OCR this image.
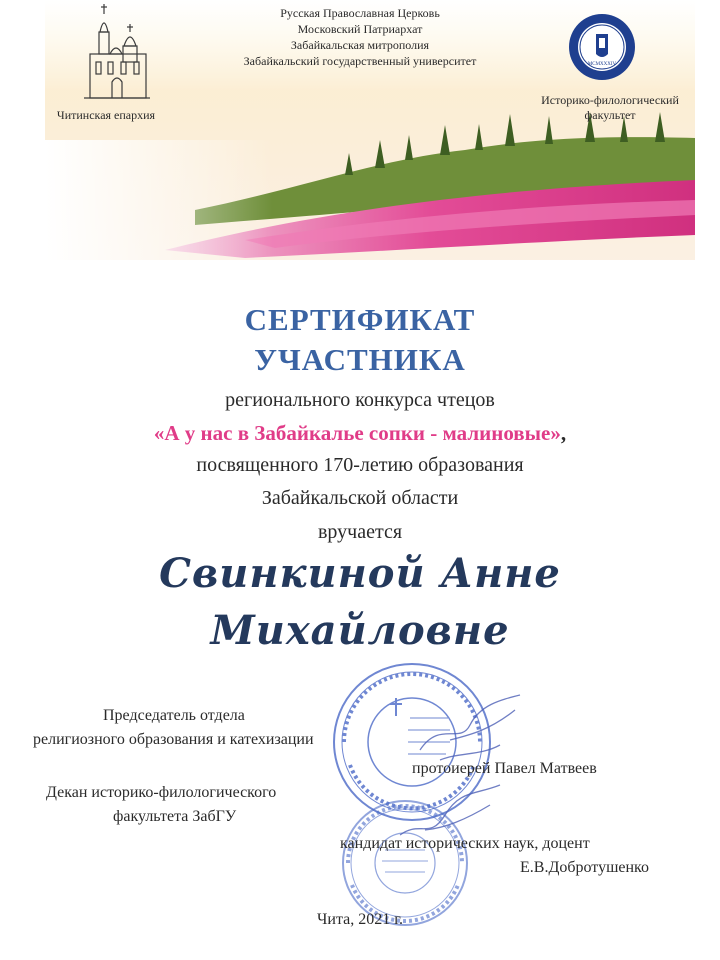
Читинская епархия
Русская Православная Церковь
Московский Патриархат
Забайкальская митрополия
Забайкальский государственный университет	MCMXXXIV
Историко-филологический
факультет
СЕРТИФИКАТ
УЧАСТНИКА
регионального конкурса чтецов
«А у нас в Забайкалье сопки - малиновые»,
посвященного 170-летию образования
Забайкальской области
вручается
Свинкиной Анне
Михайловне
Председатель отдела
религиозного образования и катехизации
протоиерей Павел Матвеев
Декан историко-филологического
факультета ЗабГУ
кандидат исторических наук, доцент
Е.В.Добротушенко
Чита, 2021 г.
